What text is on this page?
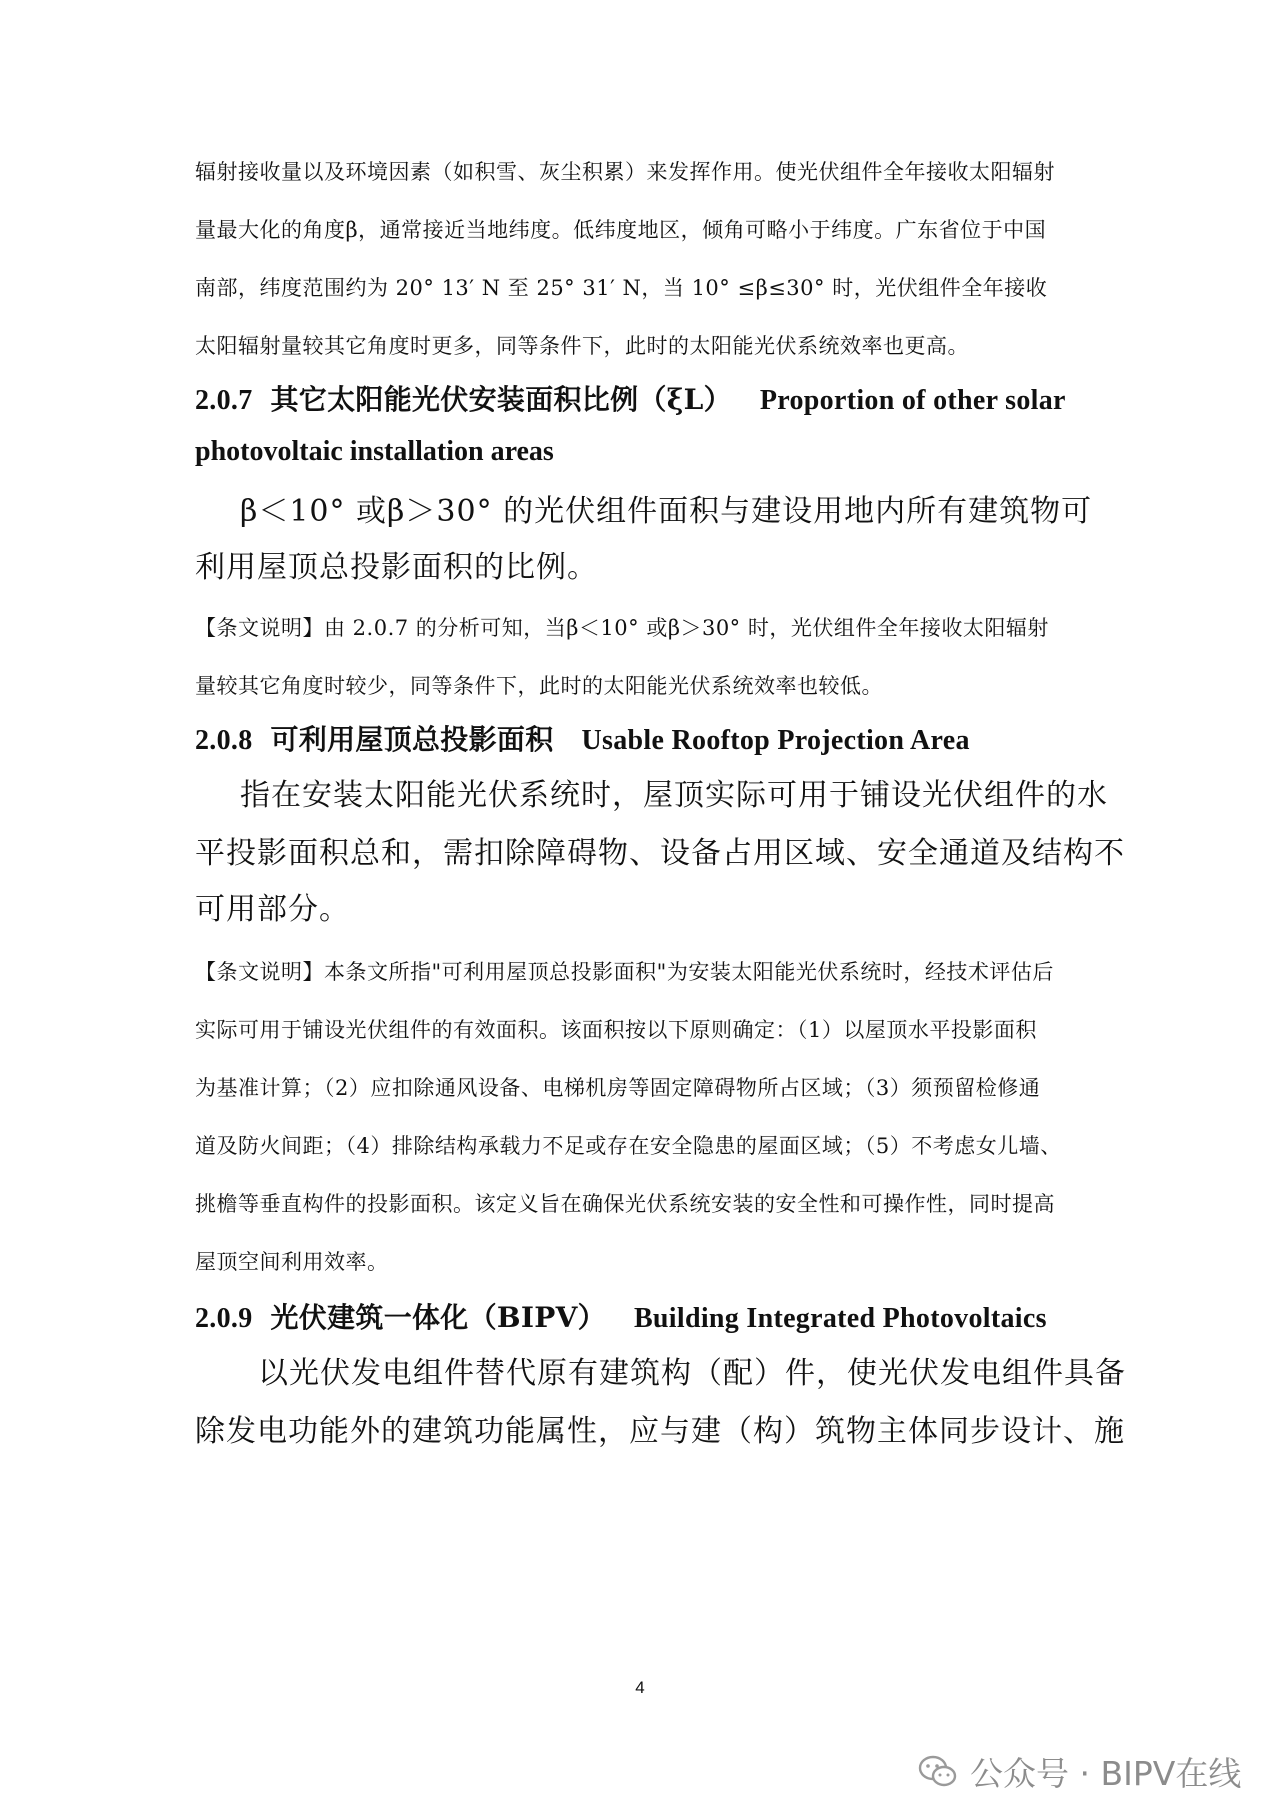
辐射接收量以及环境因素（如积雪、灰尘积累）来发挥作用。使光伏组件全年接收太阳辐射

量最大化的角度β，通常接近当地纬度。低纬度地区，倾角可略小于纬度。广东省位于中国

南部，纬度范围约为 20° 13′ N 至 25° 31′ N，当 10° ≤β≤30° 时，光伏组件全年接收

太阳辐射量较其它角度时更多，同等条件下，此时的太阳能光伏系统效率也更高。

2.0.7 其它太阳能光伏安装面积比例（ξL） Proportion of other solar
photovoltaic installation areas

β＜10° 或β＞30° 的光伏组件面积与建设用地内所有建筑物可

利用屋顶总投影面积的比例。

【条文说明】由 2.0.7 的分析可知，当β＜10° 或β＞30° 时，光伏组件全年接收太阳辐射

量较其它角度时较少，同等条件下，此时的太阳能光伏系统效率也较低。

2.0.8 可利用屋顶总投影面积 Usable Rooftop Projection Area

指在安装太阳能光伏系统时，屋顶实际可用于铺设光伏组件的水

平投影面积总和，需扣除障碍物、设备占用区域、安全通道及结构不

可用部分。

【条文说明】本条文所指"可利用屋顶总投影面积"为安装太阳能光伏系统时，经技术评估后

实际可用于铺设光伏组件的有效面积。该面积按以下原则确定：（1）以屋顶水平投影面积

为基准计算；（2）应扣除通风设备、电梯机房等固定障碍物所占区域；（3）须预留检修通

道及防火间距；（4）排除结构承载力不足或存在安全隐患的屋面区域；（5）不考虑女儿墙、

挑檐等垂直构件的投影面积。该定义旨在确保光伏系统安装的安全性和可操作性，同时提高

屋顶空间利用效率。

2.0.9 光伏建筑一体化（BIPV） Building Integrated Photovoltaics

以光伏发电组件替代原有建筑构（配）件，使光伏发电组件具备

除发电功能外的建筑功能属性，应与建（构）筑物主体同步设计、施

4
公众号 · BIPV在线
